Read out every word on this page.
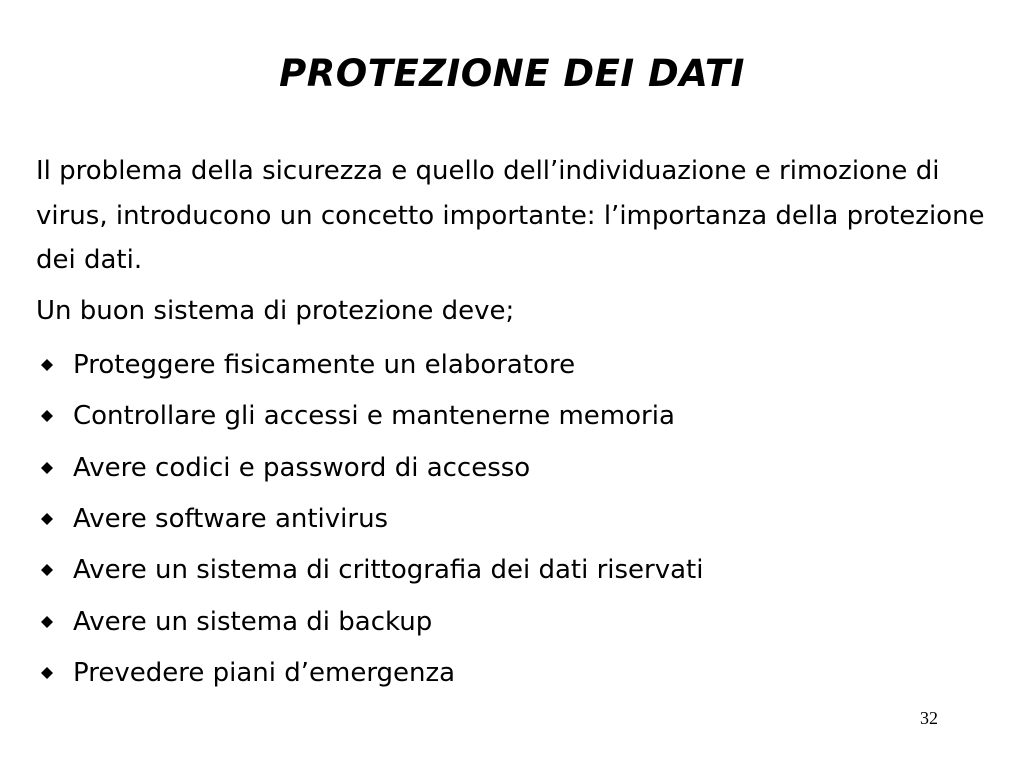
PROTEZIONE DEI DATI

Il problema della sicurezza e quello dell’individuazione e rimozione di virus, introducono un concetto importante: l’importanza della protezione dei dati.

Un buon sistema di protezione deve;

Proteggere fisicamente un elaboratore
Controllare gli accessi e mantenerne memoria
Avere codici e password di accesso
Avere software antivirus
Avere un sistema di crittografia dei dati riservati
Avere un sistema di backup
Prevedere piani d’emergenza
32
